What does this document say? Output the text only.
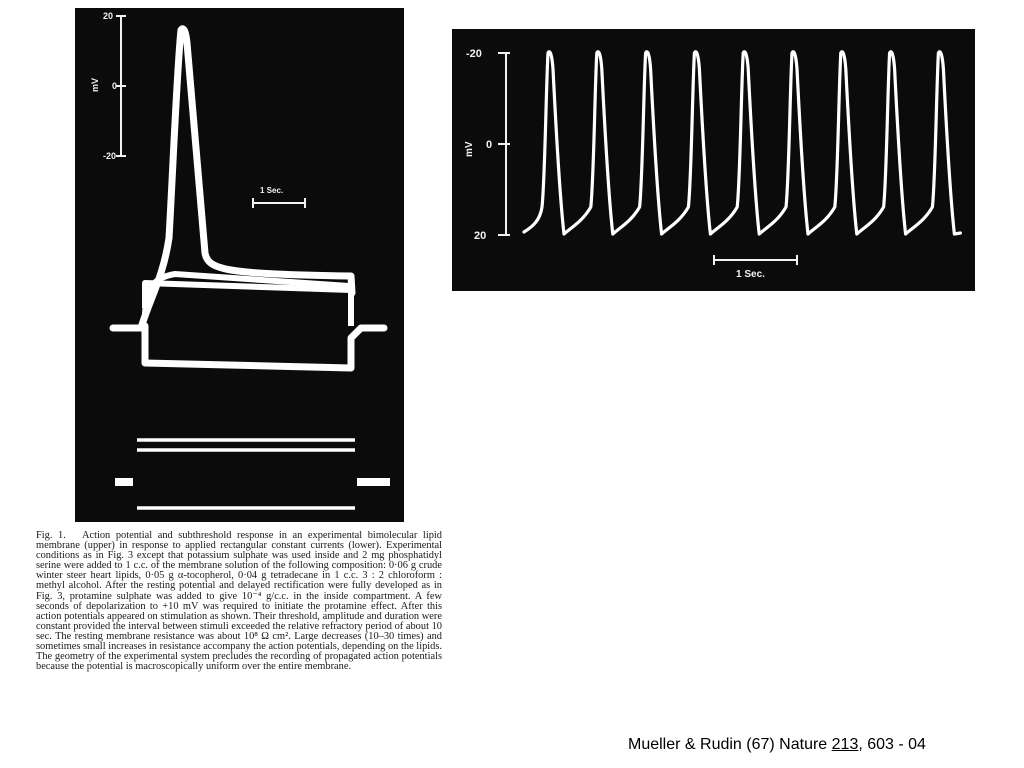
20
0
-20
mV
1 Sec.
-20
0
20
mV
1 Sec.

Fig. 1. Action potential and subthreshold response in an experimental bimolecular lipid membrane (upper) in response to applied rectangular constant currents (lower). Experimental conditions as in Fig. 3 except that potassium sulphate was used inside and 2 mg phosphatidyl serine were added to 1 c.c. of the membrane solution of the following composition: 0·06 g crude winter steer heart lipids, 0·05 g α-tocopherol, 0·04 g tetradecane in 1 c.c. 3 : 2 chloroform : methyl alcohol. After the resting potential and delayed rectification were fully developed as in Fig. 3, protamine sulphate was added to give 10⁻⁴ g/c.c. in the inside compartment. A few seconds of depolarization to +10 mV was required to initiate the protamine effect. After this action potentials appeared on stimulation as shown. Their threshold, amplitude and duration were constant provided the interval between stimuli exceeded the relative refractory period of about 10 sec. The resting membrane resistance was about 10⁸ Ω cm². Large decreases (10–30 times) and sometimes small increases in resistance accompany the action potentials, depending on the lipids. The geometry of the experimental system precludes the recording of propagated action potentials because the potential is macroscopically uniform over the entire membrane.

Mueller & Rudin (67) Nature 213, 603 - 04
